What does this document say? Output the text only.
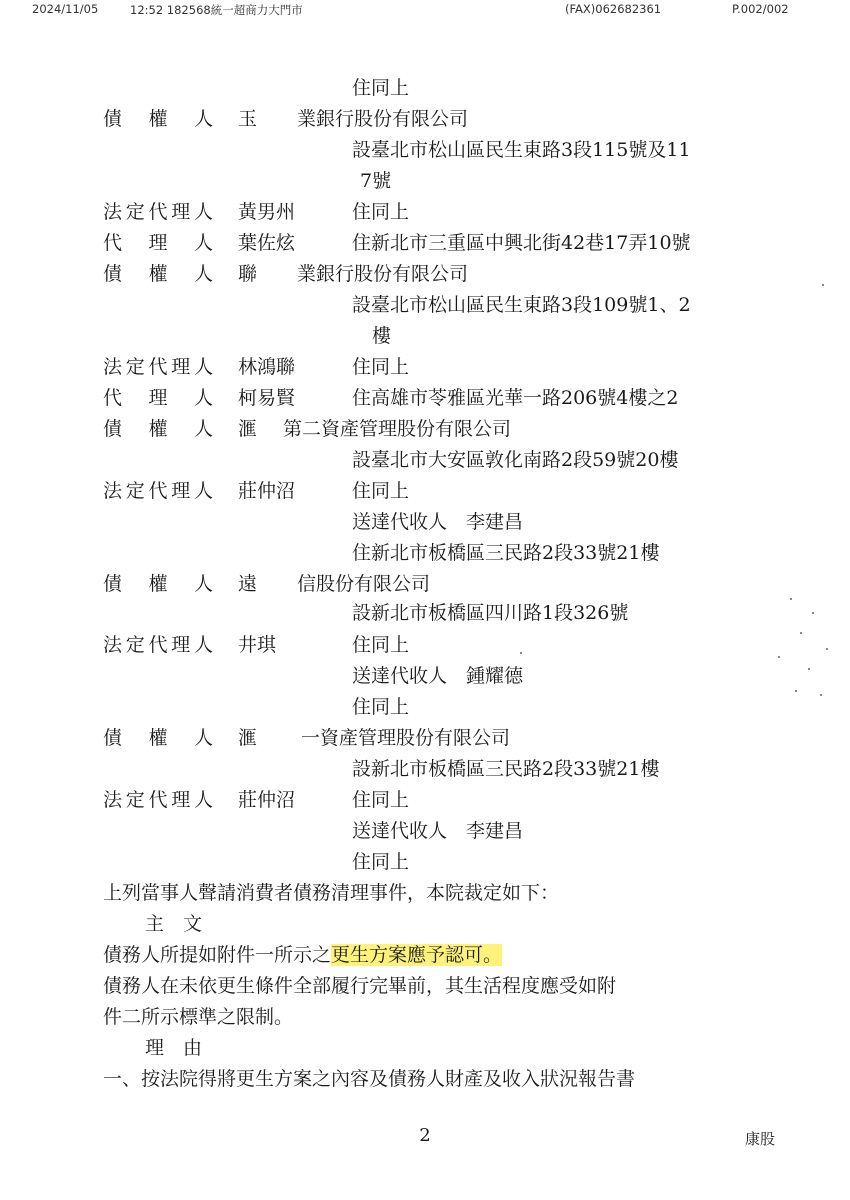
2024/11/05	12:52 182568統一超商力大門市	(FAX)062682361	P.002/002
住同上
債 權 人 玉 業銀行股份有限公司
設臺北市松山區民生東路3段115號及11
7號
法 定 代 理 人 黃男州	住同上
代 理 人 葉佐炫	住新北市三重區中興北街42巷17弄10號
債 權 人 聯 業銀行股份有限公司
設臺北市松山區民生東路3段109號1、2
樓
法 定 代 理 人 林鴻聯	住同上
代 理 人 柯易賢	住高雄市苓雅區光華一路206號4樓之2
債 權 人 滙 第二資產管理股份有限公司
設臺北市大安區敦化南路2段59號20樓
法 定 代 理 人 莊仲沼	住同上
送達代收人　李建昌
住新北市板橋區三民路2段33號21樓
債 權 人 遠 信股份有限公司
設新北市板橋區四川路1段326號
法 定 代 理 人 井琪	住同上
送達代收人　鍾耀德
住同上
債 權 人 滙 一資產管理股份有限公司
設新北市板橋區三民路2段33號21樓
法 定 代 理 人 莊仲沼	住同上
送達代收人　李建昌
住同上
上列當事人聲請消費者債務清理事件，本院裁定如下：
主　文
債務人所提如附件一所示之更生方案應予認可。
債務人在未依更生條件全部履行完畢前，其生活程度應受如附
件二所示標準之限制。
理　由
一、按法院得將更生方案之內容及債務人財產及收入狀況報告書
2	康股
